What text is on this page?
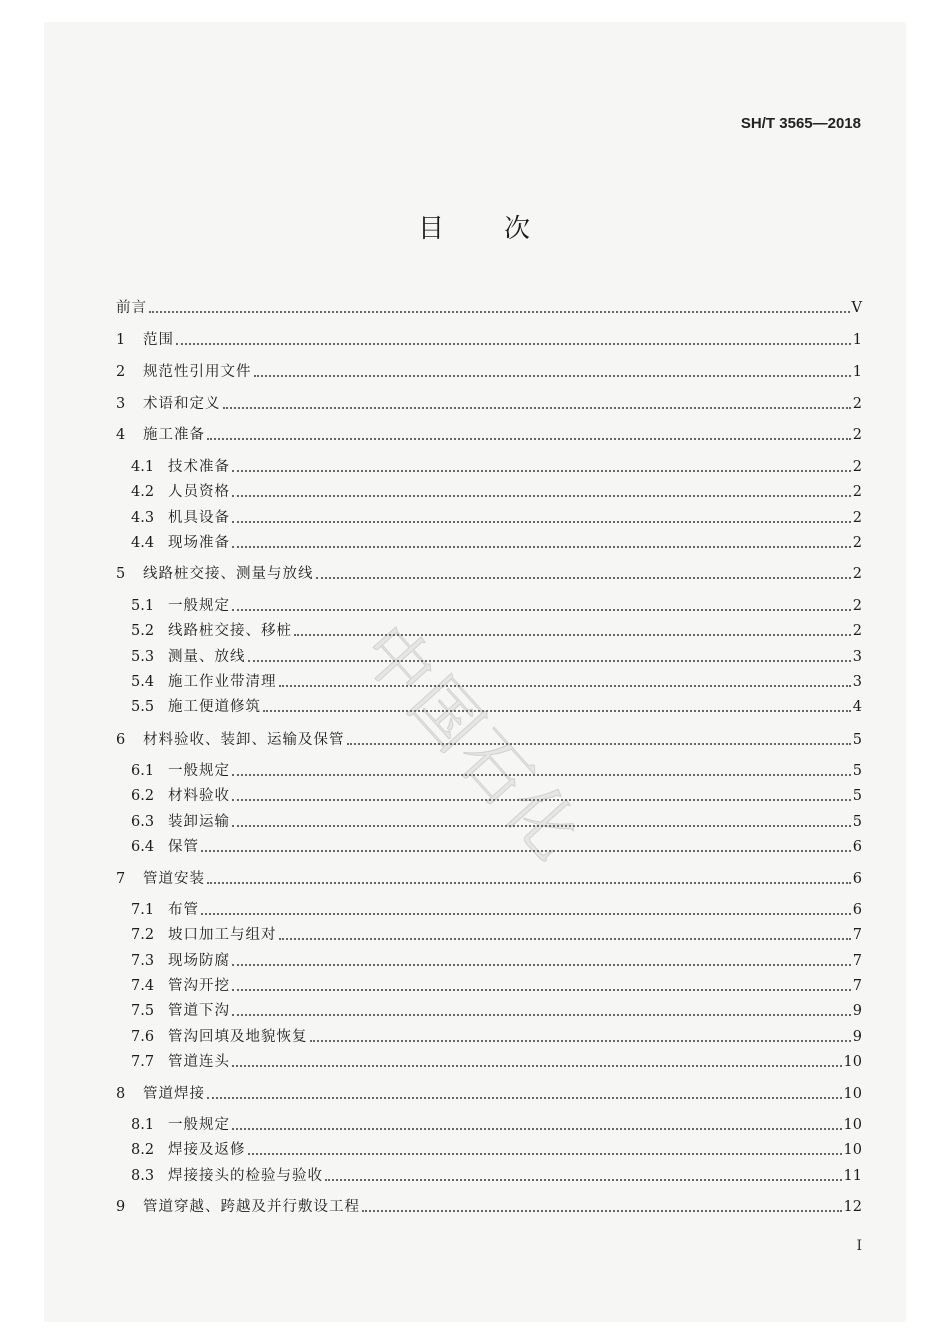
SH/T 3565—2018
目 次
中国石化
前言	V
1	范围	1
2	规范性引用文件	1
3	术语和定义	2
4	施工准备	2
4.1 技术准备	2
4.2 人员资格	2
4.3 机具设备	2
4.4 现场准备	2
5	线路桩交接、测量与放线	2
5.1 一般规定	2
5.2 线路桩交接、移桩	2
5.3 测量、放线	3
5.4 施工作业带清理	3
5.5 施工便道修筑	4
6	材料验收、装卸、运输及保管	5
6.1 一般规定	5
6.2 材料验收	5
6.3 装卸运输	5
6.4 保管	6
7	管道安装	6
7.1 布管	6
7.2 坡口加工与组对	7
7.3 现场防腐	7
7.4 管沟开挖	7
7.5 管道下沟	9
7.6 管沟回填及地貌恢复	9
7.7 管道连头	10
8	管道焊接	10
8.1 一般规定	10
8.2 焊接及返修	10
8.3 焊接接头的检验与验收	11
9	管道穿越、跨越及并行敷设工程	12
I
